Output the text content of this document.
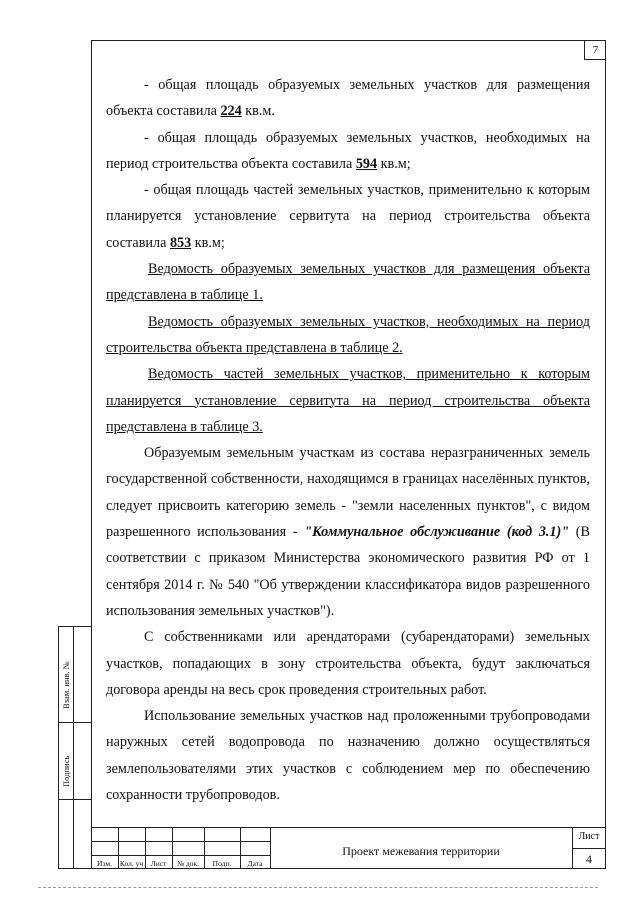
7

- общая площадь образуемых земельных участков для размещения объекта составила 224 кв.м.

- общая площадь образуемых земельных участков, необходимых на период строительства объекта составила 594 кв.м;

- общая площадь частей земельных участков, применительно к которым планируется установление сервитута на период строительства объекта составила 853 кв.м;

Ведомость образуемых земельных участков для размещения объекта представлена в таблице 1.

Ведомость образуемых земельных участков, необходимых на период строительства объекта представлена в таблице 2.

Ведомость частей земельных участков, применительно к которым планируется установление сервитута на период строительства объекта представлена в таблице 3.

Образуемым земельным участкам из состава неразграниченных земель государственной собственности, находящимся в границах населённых пунктов, следует присвоить категорию земель - "земли населенных пунктов", с видом разрешенного использования - "Коммунальное обслуживание (код 3.1)" (В соответствии с приказом Министерства экономического развития РФ от 1 сентября 2014 г. № 540 "Об утверждении классификатора видов разрешенного использования земельных участков").

С собственниками или арендаторами (субарендаторами) земельных участков, попадающих в зону строительства объекта, будут заключаться договора аренды на весь срок проведения строительных работ.

Использование земельных участков над проложенными трубопроводами наружных сетей водопровода по назначению должно осуществляться землепользователями этих участков с соблюдением мер по обеспечению сохранности трубопроводов.

Взам. инв. №
Подпись
Изм.	Кол. уч	Лист	№ док.	Подп.	Дата
Проект межевания территории
Лист
4
